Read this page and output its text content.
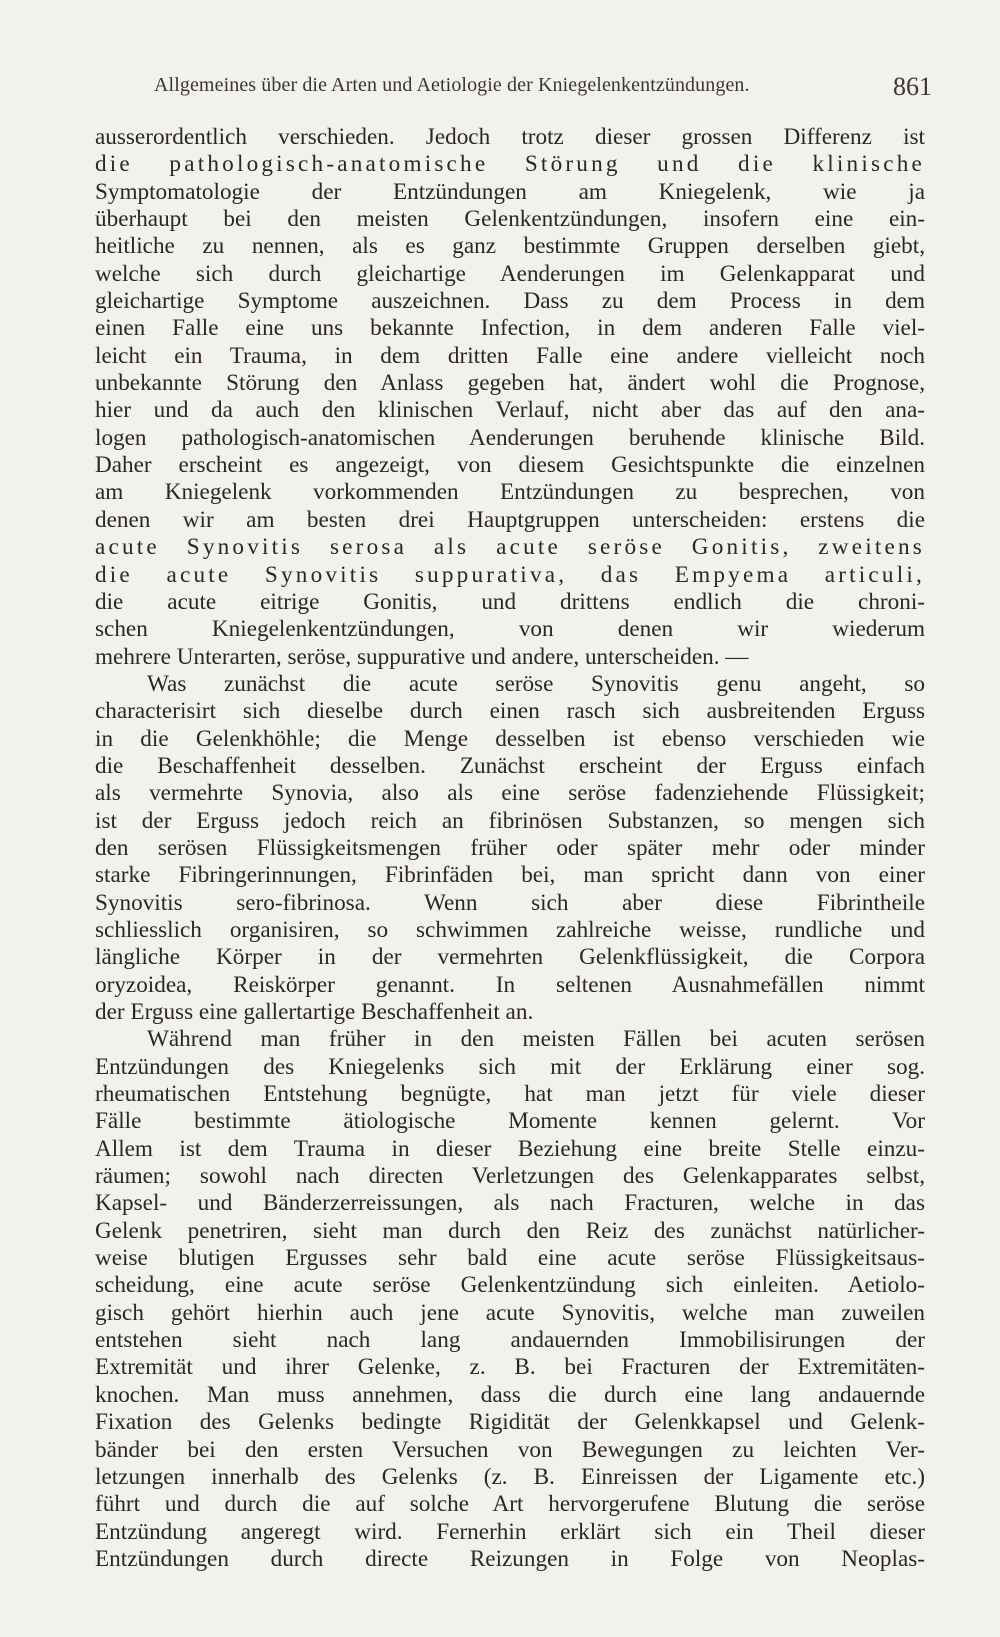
Allgemeines über die Arten und Aetiologie der Kniegelenkentzündungen.	861
ausserordentlich verschieden. Jedoch trotz dieser grossen Differenz ist
die pathologisch-anatomische Störung und die klinische
Symptomatologie der Entzündungen am Kniegelenk, wie ja
überhaupt bei den meisten Gelenkentzündungen, insofern eine ein-
heitliche zu nennen, als es ganz bestimmte Gruppen derselben giebt,
welche sich durch gleichartige Aenderungen im Gelenkapparat und
gleichartige Symptome auszeichnen. Dass zu dem Process in dem
einen Falle eine uns bekannte Infection, in dem anderen Falle viel-
leicht ein Trauma, in dem dritten Falle eine andere vielleicht noch
unbekannte Störung den Anlass gegeben hat, ändert wohl die Prognose,
hier und da auch den klinischen Verlauf, nicht aber das auf den ana-
logen pathologisch-anatomischen Aenderungen beruhende klinische Bild.
Daher erscheint es angezeigt, von diesem Gesichtspunkte die einzelnen
am Kniegelenk vorkommenden Entzündungen zu besprechen, von
denen wir am besten drei Hauptgruppen unterscheiden: erstens die
acute Synovitis serosa als acute seröse Gonitis, zweitens
die acute Synovitis suppurativa, das Empyema articuli,
die acute eitrige Gonitis, und drittens endlich die chroni-
schen Kniegelenkentzündungen, von denen wir wiederum
mehrere Unterarten, seröse, suppurative und andere, unterscheiden. —
Was zunächst die acute seröse Synovitis genu angeht, so
characterisirt sich dieselbe durch einen rasch sich ausbreitenden Erguss
in die Gelenkhöhle; die Menge desselben ist ebenso verschieden wie
die Beschaffenheit desselben. Zunächst erscheint der Erguss einfach
als vermehrte Synovia, also als eine seröse fadenziehende Flüssigkeit;
ist der Erguss jedoch reich an fibrinösen Substanzen, so mengen sich
den serösen Flüssigkeitsmengen früher oder später mehr oder minder
starke Fibringerinnungen, Fibrinfäden bei, man spricht dann von einer
Synovitis sero-fibrinosa. Wenn sich aber diese Fibrintheile
schliesslich organisiren, so schwimmen zahlreiche weisse, rundliche und
längliche Körper in der vermehrten Gelenkflüssigkeit, die Corpora
oryzoidea, Reiskörper genannt. In seltenen Ausnahmefällen nimmt
der Erguss eine gallertartige Beschaffenheit an.
Während man früher in den meisten Fällen bei acuten serösen
Entzündungen des Kniegelenks sich mit der Erklärung einer sog.
rheumatischen Entstehung begnügte, hat man jetzt für viele dieser
Fälle bestimmte ätiologische Momente kennen gelernt. Vor
Allem ist dem Trauma in dieser Beziehung eine breite Stelle einzu-
räumen; sowohl nach directen Verletzungen des Gelenkapparates selbst,
Kapsel- und Bänderzerreissungen, als nach Fracturen, welche in das
Gelenk penetriren, sieht man durch den Reiz des zunächst natürlicher-
weise blutigen Ergusses sehr bald eine acute seröse Flüssigkeitsaus-
scheidung, eine acute seröse Gelenkentzündung sich einleiten. Aetiolo-
gisch gehört hierhin auch jene acute Synovitis, welche man zuweilen
entstehen sieht nach lang andauernden Immobilisirungen der
Extremität und ihrer Gelenke, z. B. bei Fracturen der Extremitäten-
knochen. Man muss annehmen, dass die durch eine lang andauernde
Fixation des Gelenks bedingte Rigidität der Gelenkkapsel und Gelenk-
bänder bei den ersten Versuchen von Bewegungen zu leichten Ver-
letzungen innerhalb des Gelenks (z. B. Einreissen der Ligamente etc.)
führt und durch die auf solche Art hervorgerufene Blutung die seröse
Entzündung angeregt wird. Fernerhin erklärt sich ein Theil dieser
Entzündungen durch directe Reizungen in Folge von Neoplas-
